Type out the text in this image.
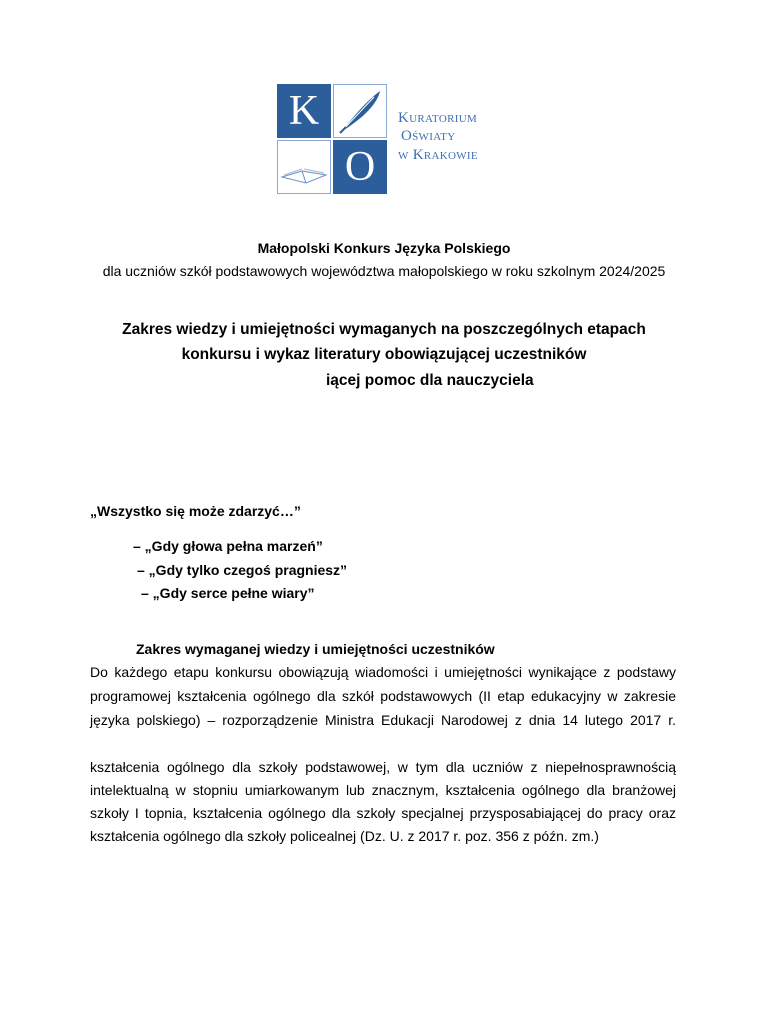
K
O
Kuratorium
Oświaty
w Krakowie
Małopolski Konkurs Języka Polskiego
dla uczniów szkół podstawowych województwa małopolskiego w roku szkolnym 2024/2025
Zakres wiedzy i umiejętności wymaganych na poszczególnych etapach
konkursu i wykaz literatury obowiązującej uczestników
iącej pomoc dla nauczyciela
„Wszystko się może zdarzyć…”
– „Gdy głowa pełna marzeń”
– „Gdy tylko czegoś pragniesz”
– „Gdy serce pełne wiary”
Zakres wymaganej wiedzy i umiejętności uczestników
Do każdego etapu konkursu obowiązują wiadomości i umiejętności wynikające z podstawy
programowej kształcenia ogólnego dla szkół podstawowych (II etap edukacyjny w zakresie
języka polskiego) – rozporządzenie Ministra Edukacji Narodowej z dnia 14 lutego 2017 r.
kształcenia ogólnego dla szkoły podstawowej, w tym dla uczniów z niepełnosprawnością
intelektualną w stopniu umiarkowanym lub znacznym, kształcenia ogólnego dla branżowej
szkoły I topnia, kształcenia ogólnego dla szkoły specjalnej przysposabiającej do pracy oraz
kształcenia ogólnego dla szkoły policealnej (Dz. U. z 2017 r. poz. 356 z późn. zm.)
